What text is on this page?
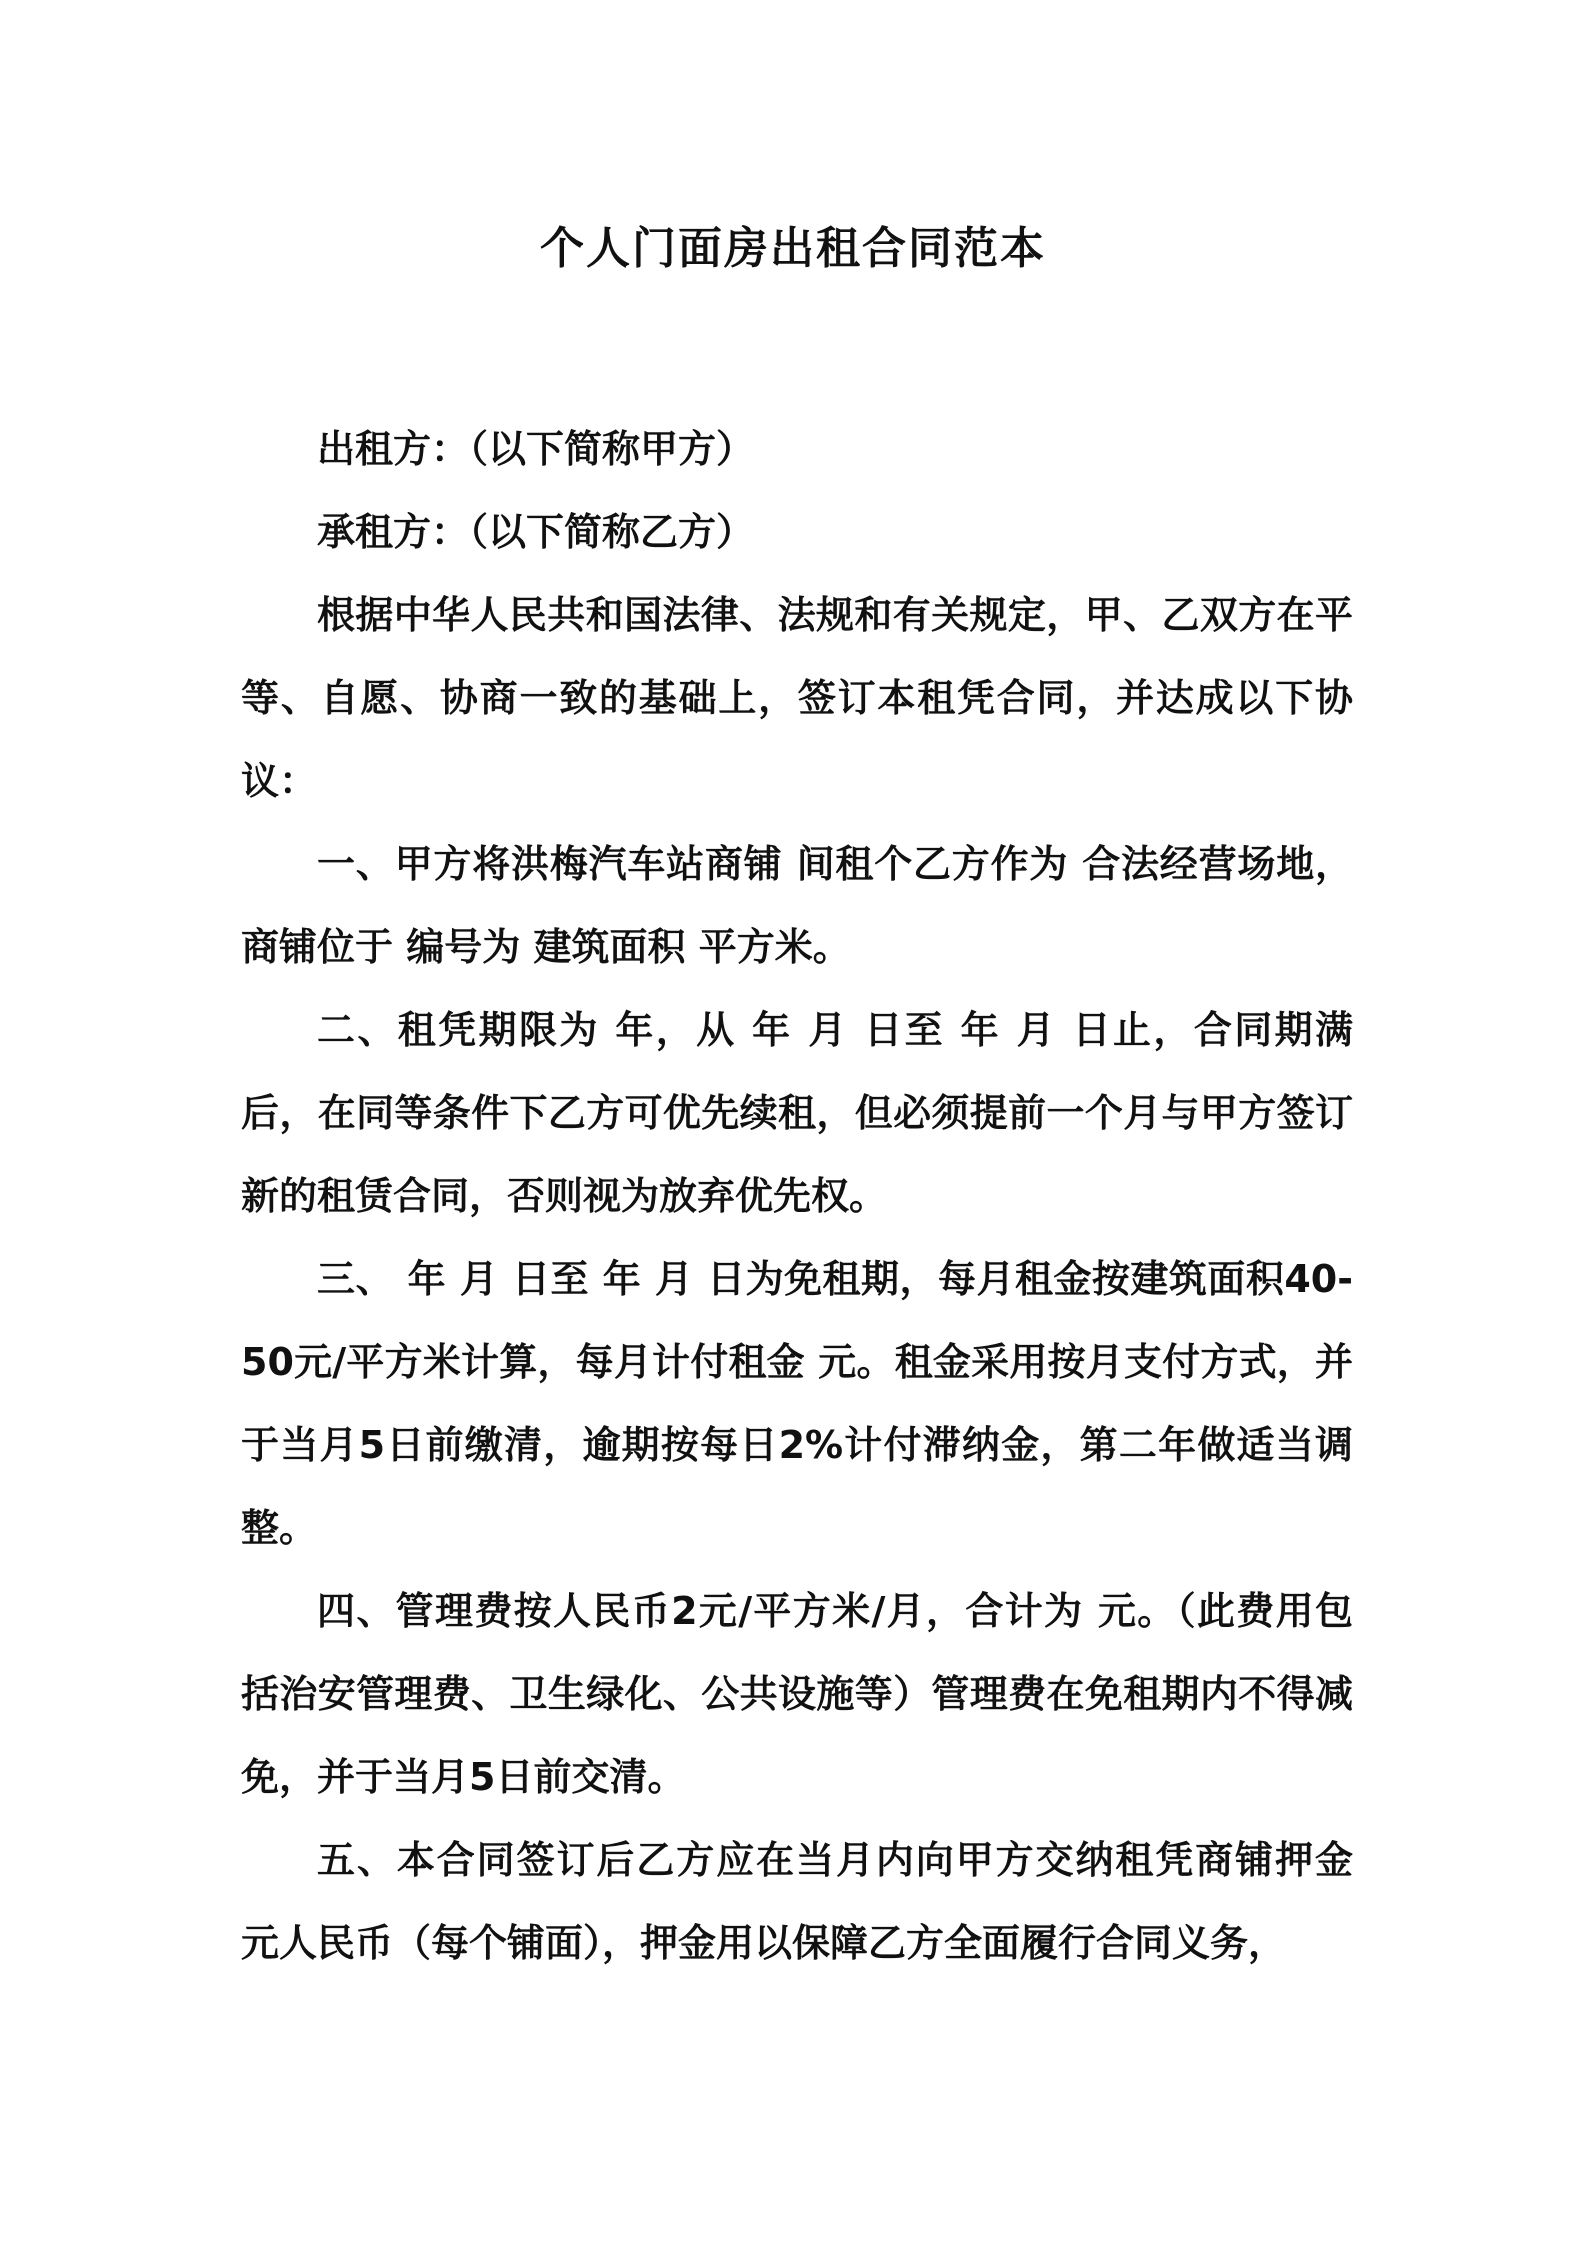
个人门面房出租合同范本

出租方：（以下简称甲方）

承租方：（以下简称乙方）

根据中华人民共和国法律、法规和有关规定，甲、乙双方在平等、自愿、协商一致的基础上，签订本租凭合同，并达成以下协议：

一、甲方将洪梅汽车站商铺 间租个乙方作为 合法经营场地，商铺位于 编号为 建筑面积 平方米。

二、租凭期限为 年，从 年 月 日至 年 月 日止，合同期满后，在同等条件下乙方可优先续租，但必须提前一个月与甲方签订新的租赁合同，否则视为放弃优先权。

三、 年 月 日至 年 月 日为免租期，每月租金按建筑面积40-50元/平方米计算，每月计付租金 元。租金采用按月支付方式，并于当月5日前缴清，逾期按每日2%计付滞纳金，第二年做适当调整。

四、管理费按人民币2元/平方米/月，合计为 元。（此费用包括治安管理费、卫生绿化、公共设施等）管理费在免租期内不得减免，并于当月5日前交清。

五、本合同签订后乙方应在当月内向甲方交纳租凭商铺押金 元人民币（每个铺面），押金用以保障乙方全面履行合同义务，
